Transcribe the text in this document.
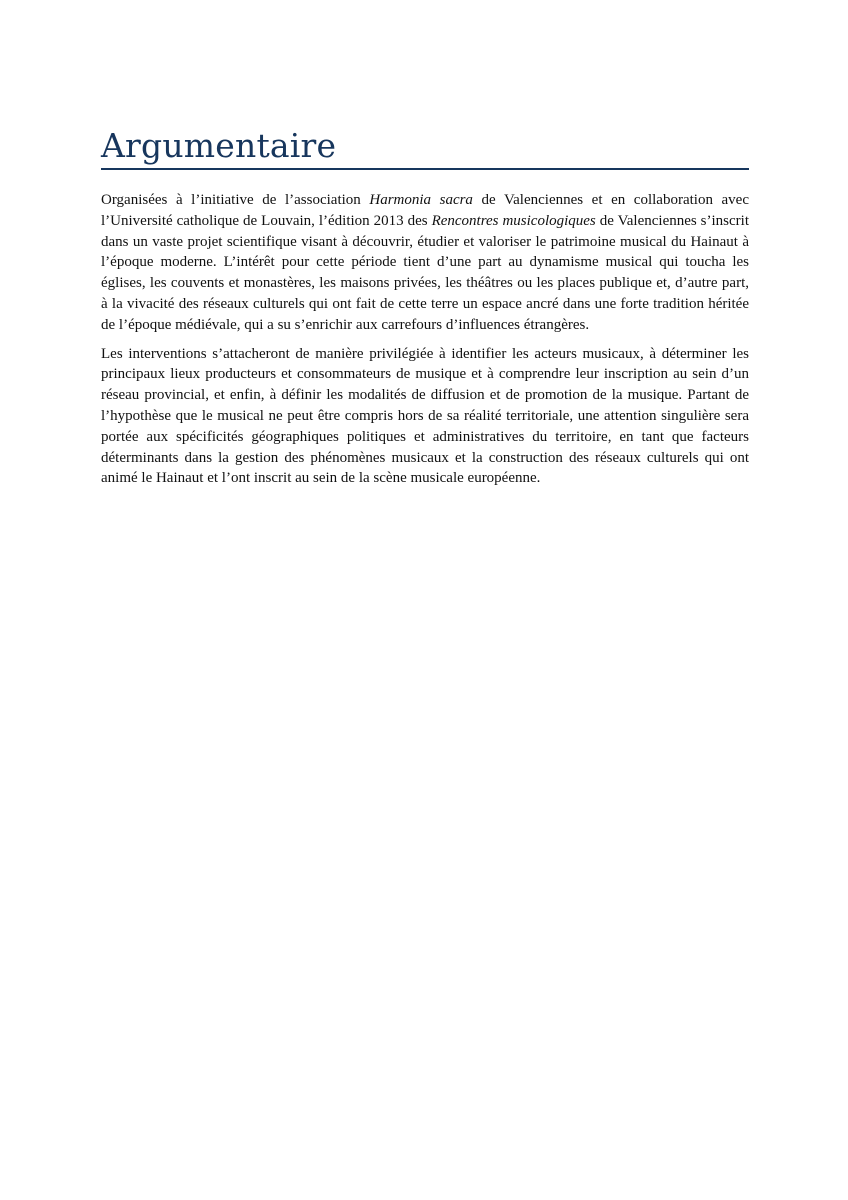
Argumentaire

Organisées à l’initiative de l’association Harmonia sacra de Valenciennes et en collaboration avec l’Université catholique de Louvain, l’édition 2013 des Rencontres musicologiques de Valenciennes s’inscrit dans un vaste projet scientifique visant à découvrir, étudier et valoriser le patrimoine musical du Hainaut à l’époque moderne. L’intérêt pour cette période tient d’une part au dynamisme musical qui toucha les églises, les couvents et monastères, les maisons privées, les théâtres ou les places publique et, d’autre part, à la vivacité des réseaux culturels qui ont fait de cette terre un espace ancré dans une forte tradition héritée de l’époque médiévale, qui a su s’enrichir aux carrefours d’influences étrangères.

Les interventions s’attacheront de manière privilégiée à identifier les acteurs musicaux, à déterminer les principaux lieux producteurs et consommateurs de musique et à comprendre leur inscription au sein d’un réseau provincial, et enfin, à définir les modalités de diffusion et de promotion de la musique. Partant de l’hypothèse que le musical ne peut être compris hors de sa réalité territoriale, une attention singulière sera portée aux spécificités géographiques politiques et administratives du territoire, en tant que facteurs déterminants dans la gestion des phénomènes musicaux et la construction des réseaux culturels qui ont animé le Hainaut et l’ont inscrit au sein de la scène musicale européenne.
